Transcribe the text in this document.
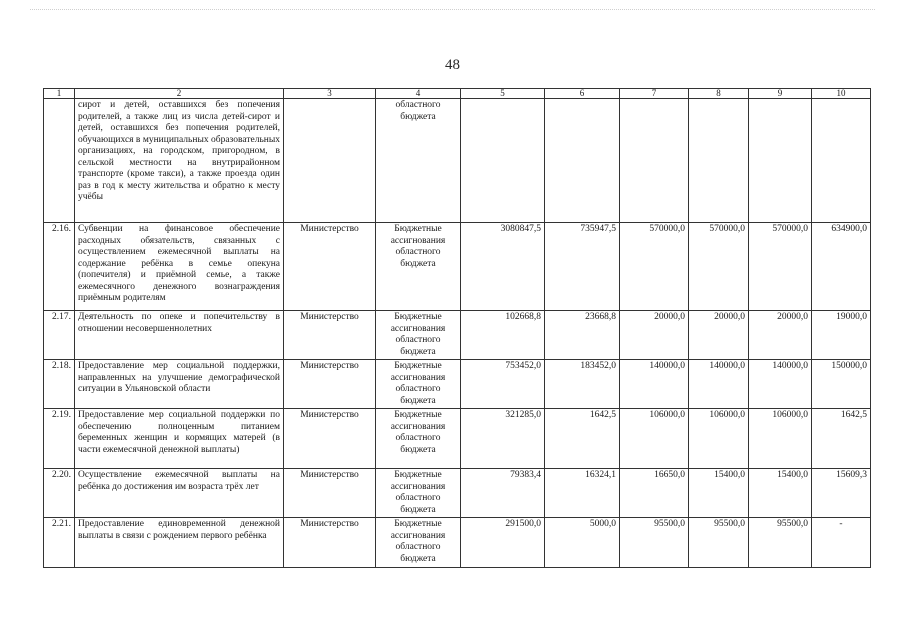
48
1	2	3	4	5	6	7	8	9	10
	сирот и детей, оставшихся без попечения родителей, а также лиц из числа детей-сирот и детей, оставшихся без попечения родителей, обучающихся в муниципальных образовательных организациях, на городском, пригородном, в сельской местности на внутрирайонном транспорте (кроме такси), а также проезда один раз в год к месту жительства и обратно к месту учёбы		областного бюджета						
2.16.	Субвенции на финансовое обеспечение расходных обязательств, связанных с осуществлением ежемесячной выплаты на содержание ребёнка в семье опекуна (попечителя) и приёмной семье, а также ежемесячного денежного вознаграждения приёмным родителям	Министерство	Бюджетные ассигнования областного бюджета	3080847,5	735947,5	570000,0	570000,0	570000,0	634900,0
2.17.	Деятельность по опеке и попечительству в отношении несовершеннолетних	Министерство	Бюджетные ассигнования областного бюджета	102668,8	23668,8	20000,0	20000,0	20000,0	19000,0
2.18.	Предоставление мер социальной поддержки, направленных на улучшение демографической ситуации в Ульяновской области	Министерство	Бюджетные ассигнования областного бюджета	753452,0	183452,0	140000,0	140000,0	140000,0	150000,0
2.19.	Предоставление мер социальной поддержки по обеспечению полноценным питанием беременных женщин и кормящих матерей (в части ежемесячной денежной выплаты)	Министерство	Бюджетные ассигнования областного бюджета	321285,0	1642,5	106000,0	106000,0	106000,0	1642,5
2.20.	Осуществление ежемесячной выплаты на ребёнка до достижения им возраста трёх лет	Министерство	Бюджетные ассигнования областного бюджета	79383,4	16324,1	16650,0	15400,0	15400,0	15609,3
2.21.	Предоставление единовременной денежной выплаты в связи с рождением первого ребёнка	Министерство	Бюджетные ассигнования областного бюджета	291500,0	5000,0	95500,0	95500,0	95500,0	-
